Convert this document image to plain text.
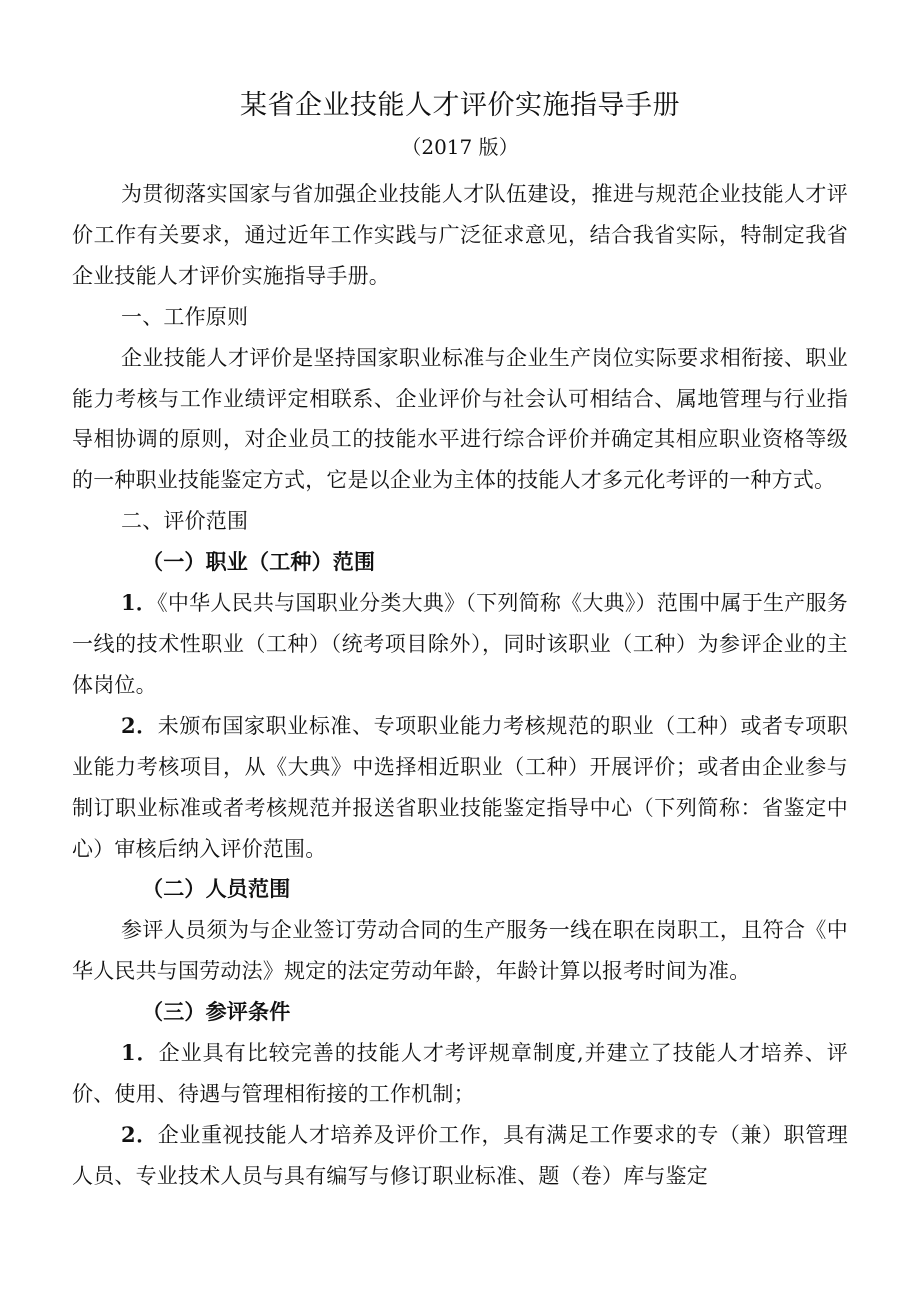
某省企业技能人才评价实施指导手册
（2017 版）

为贯彻落实国家与省加强企业技能人才队伍建设，推进与规范企业技能人才评价工作有关要求，通过近年工作实践与广泛征求意见，结合我省实际，特制定我省企业技能人才评价实施指导手册。

一、工作原则

企业技能人才评价是坚持国家职业标准与企业生产岗位实际要求相衔接、职业能力考核与工作业绩评定相联系、企业评价与社会认可相结合、属地管理与行业指导相协调的原则，对企业员工的技能水平进行综合评价并确定其相应职业资格等级的一种职业技能鉴定方式，它是以企业为主体的技能人才多元化考评的一种方式。

二、评价范围

（一）职业（工种）范围

1．《中华人民共与国职业分类大典》（下列简称《大典》）范围中属于生产服务一线的技术性职业（工种）（统考项目除外），同时该职业（工种）为参评企业的主体岗位。

2．未颁布国家职业标准、专项职业能力考核规范的职业（工种）或者专项职业能力考核项目，从《大典》中选择相近职业（工种）开展评价；或者由企业参与制订职业标准或者考核规范并报送省职业技能鉴定指导中心（下列简称：省鉴定中心）审核后纳入评价范围。

（二）人员范围

参评人员须为与企业签订劳动合同的生产服务一线在职在岗职工，且符合《中华人民共与国劳动法》规定的法定劳动年龄，年龄计算以报考时间为准。

（三）参评条件

1．企业具有比较完善的技能人才考评规章制度,并建立了技能人才培养、评价、使用、待遇与管理相衔接的工作机制；

2．企业重视技能人才培养及评价工作，具有满足工作要求的专（兼）职管理人员、专业技术人员与具有编写与修订职业标准、题（卷）库与鉴定
